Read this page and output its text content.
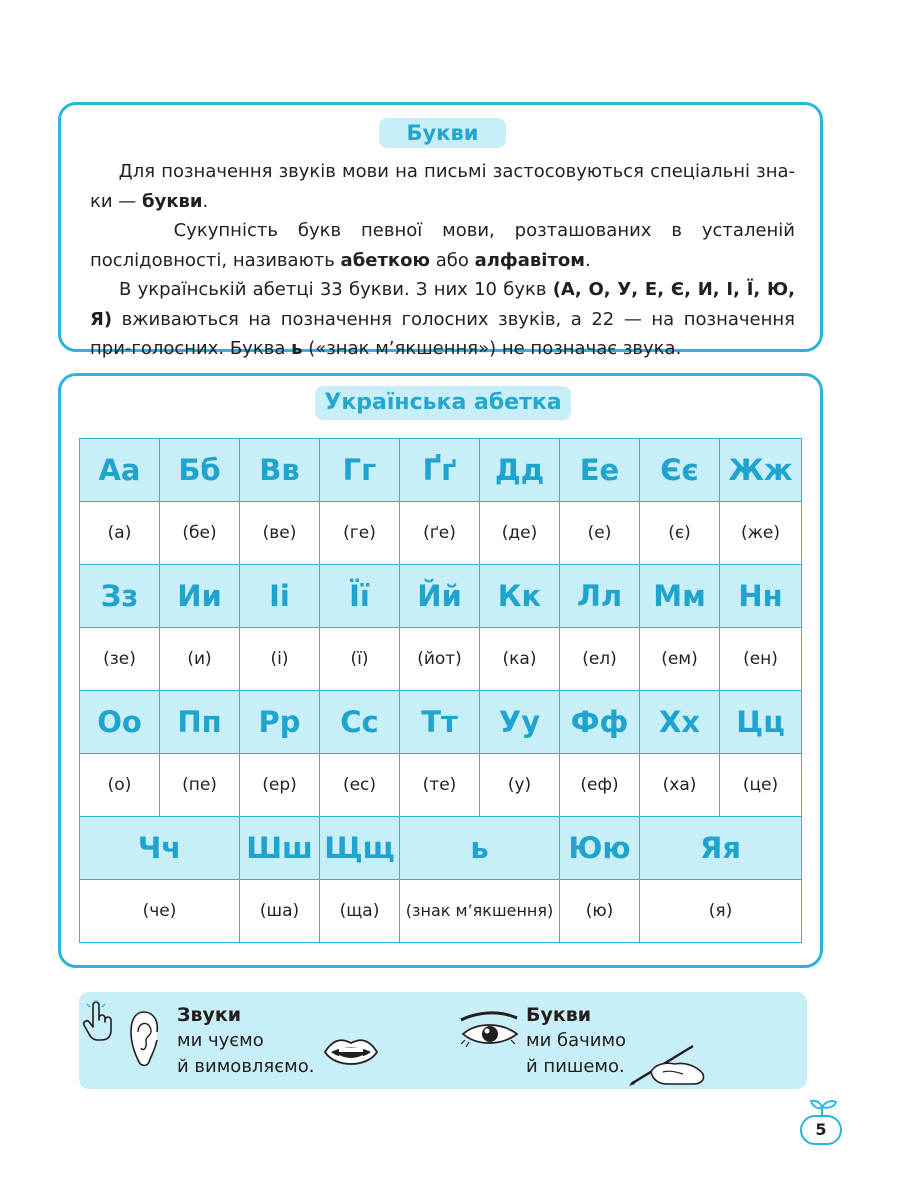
Букви

Для позначення звуків мови на письмі застосовуються спеціальні зна-ки — букви.

Сукупність букв певної мови, розташованих в усталеній послідовності, називають абеткою або алфавітом.

В українській абетці 33 букви. З них 10 букв (А, О, У, Е, Є, И, І, Ї, Ю, Я) вживаються на позначення голосних звуків, а 22 — на позначення при-голосних. Буква ь («знак м’якшення») не позначає звука.

Українська абетка
Аа	Бб	Вв	Гг	Ґґ	Дд	Ее	Єє	Жж
(а)	(бе)	(ве)	(ге)	(ґе)	(де)	(е)	(є)	(же)
Зз	Ии	Іі	Її	Йй	Кк	Лл	Мм	Нн
(зе)	(и)	(і)	(ї)	(йот)	(ка)	(ел)	(ем)	(ен)
Оо	Пп	Рр	Сс	Тт	Уу	Фф	Хх	Цц
(о)	(пе)	(ер)	(ес)	(те)	(у)	(еф)	(ха)	(це)
Чч		Шш	Щщ	ь		Юю	Яя	
(че)		(ша)	(ща)	(знак м’якшення)		(ю)	(я)	
Звуки
ми чуємо
й вимовляємо.
Букви
ми бачимо
й пишемо.
5
